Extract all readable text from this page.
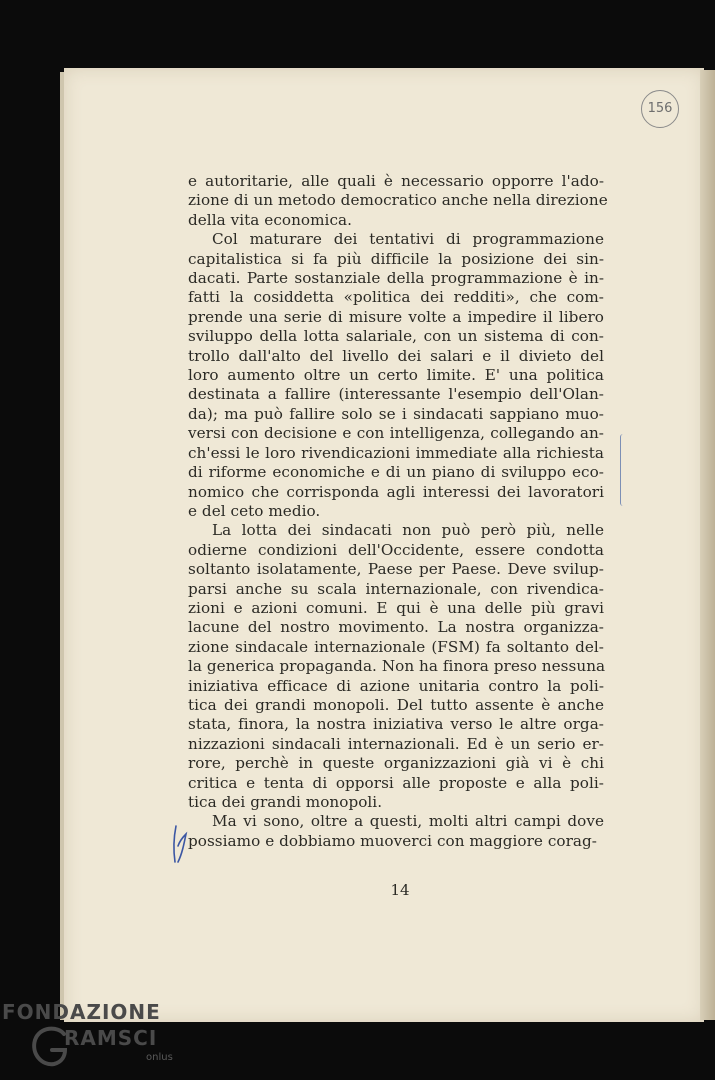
156

e autoritarie, alle quali è necessario opporre l'ado-
zione di un metodo democratico anche nella direzione
della vita economica.

Col maturare dei tentativi di programmazione
capitalistica si fa più difficile la posizione dei sin-
dacati. Parte sostanziale della programmazione è in-
fatti la cosiddetta «politica dei redditi», che com-
prende una serie di misure volte a impedire il libero
sviluppo della lotta salariale, con un sistema di con-
trollo dall'alto del livello dei salari e il divieto del
loro aumento oltre un certo limite. E' una politica
destinata a fallire (interessante l'esempio dell'Olan-
da); ma può fallire solo se i sindacati sappiano muo-
versi con decisione e con intelligenza, collegando an-
ch'essi le loro rivendicazioni immediate alla richiesta
di riforme economiche e di un piano di sviluppo eco-
nomico che corrisponda agli interessi dei lavoratori
e del ceto medio.

La lotta dei sindacati non può però più, nelle
odierne condizioni dell'Occidente, essere condotta
soltanto isolatamente, Paese per Paese. Deve svilup-
parsi anche su scala internazionale, con rivendica-
zioni e azioni comuni. E qui è una delle più gravi
lacune del nostro movimento. La nostra organizza-
zione sindacale internazionale (FSM) fa soltanto del-
la generica propaganda. Non ha finora preso nessuna
iniziativa efficace di azione unitaria contro la poli-
tica dei grandi monopoli. Del tutto assente è anche
stata, finora, la nostra iniziativa verso le altre orga-
nizzazioni sindacali internazionali. Ed è un serio er-
rore, perchè in queste organizzazioni già vi è chi
critica e tenta di opporsi alle proposte e alla poli-
tica dei grandi monopoli.

Ma vi sono, oltre a questi, molti altri campi dove
possiamo e dobbiamo muoverci con maggiore corag-

14
FONDAZIONE
RAMSCI
onlus
